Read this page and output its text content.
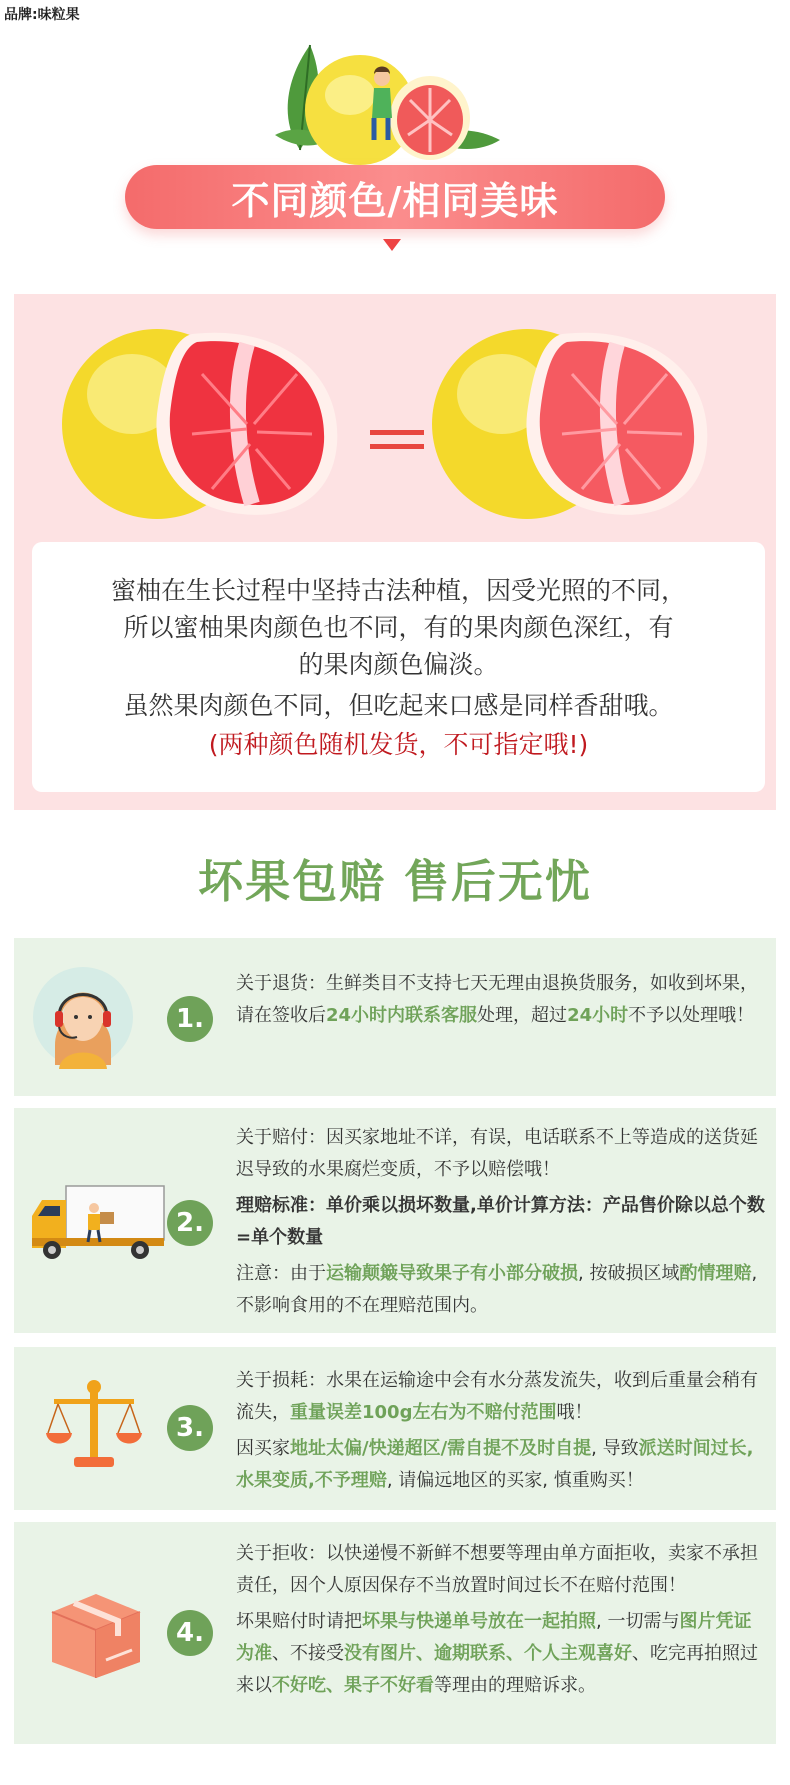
品牌:味粒果
不同颜色/相同美味

蜜柚在生长过程中坚持古法种植，因受光照的不同，

所以蜜柚果肉颜色也不同，有的果肉颜色深红，有

的果肉颜色偏淡。

虽然果肉颜色不同，但吃起来口感是同样香甜哦。

(两种颜色随机发货，不可指定哦!)

坏果包赔 售后无忧
1.

关于退货：生鲜类目不支持七天无理由退换货服务，如收到坏果，请在签收后24小时内联系客服处理，超过24小时不予以处理哦！

2.

关于赔付：因买家地址不详，有误，电话联系不上等造成的送货延迟导致的水果腐烂变质，不予以赔偿哦！

理赔标准：单价乘以损坏数量,单价计算方法：产品售价除以总个数=单个数量

注意：由于运输颠簸导致果子有小部分破损, 按破损区域酌情理赔, 不影响食用的不在理赔范围内。

3.

关于损耗：水果在运输途中会有水分蒸发流失，收到后重量会稍有流失，重量误差100g左右为不赔付范围哦！

因买家地址太偏/快递超区/需自提不及时自提, 导致派送时间过长,水果变质,不予理赔, 请偏远地区的买家, 慎重购买！

4.

关于拒收：以快递慢不新鲜不想要等理由单方面拒收，卖家不承担责任，因个人原因保存不当放置时间过长不在赔付范围！

坏果赔付时请把坏果与快递单号放在一起拍照, 一切需与图片凭证为准、不接受没有图片、逾期联系、个人主观喜好、吃完再拍照过来以不好吃、果子不好看等理由的理赔诉求。
